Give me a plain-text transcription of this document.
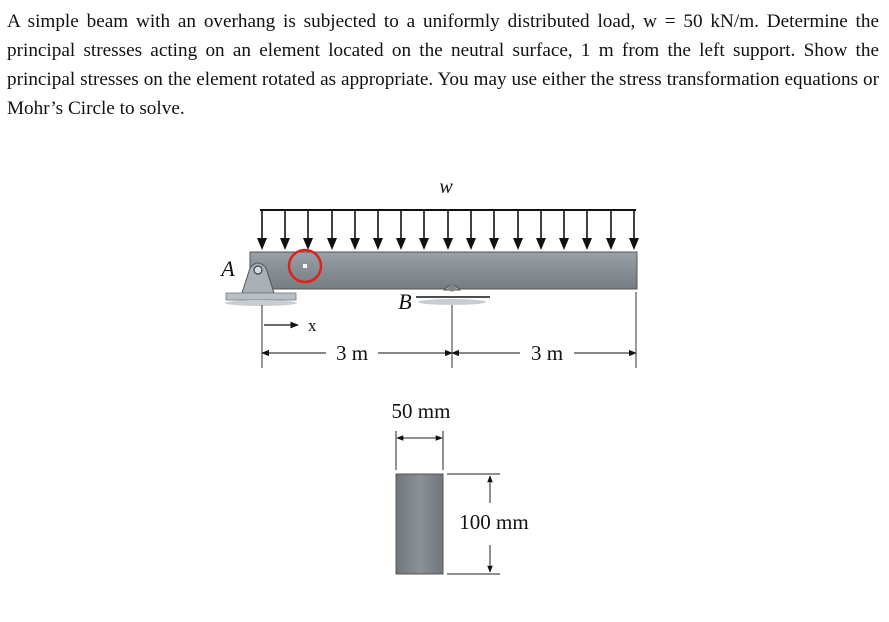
A simple beam with an overhang is subjected to a uniformly distributed load, w = 50 kN/m. Determine the principal stresses acting on an element located on the neutral surface, 1 m from the left support. Show the principal stresses on the element rotated as appropriate. You may use either the stress transformation equations or Mohr’s Circle to solve.

w
A
B
x
3 m	3 m
50 mm
100 mm
